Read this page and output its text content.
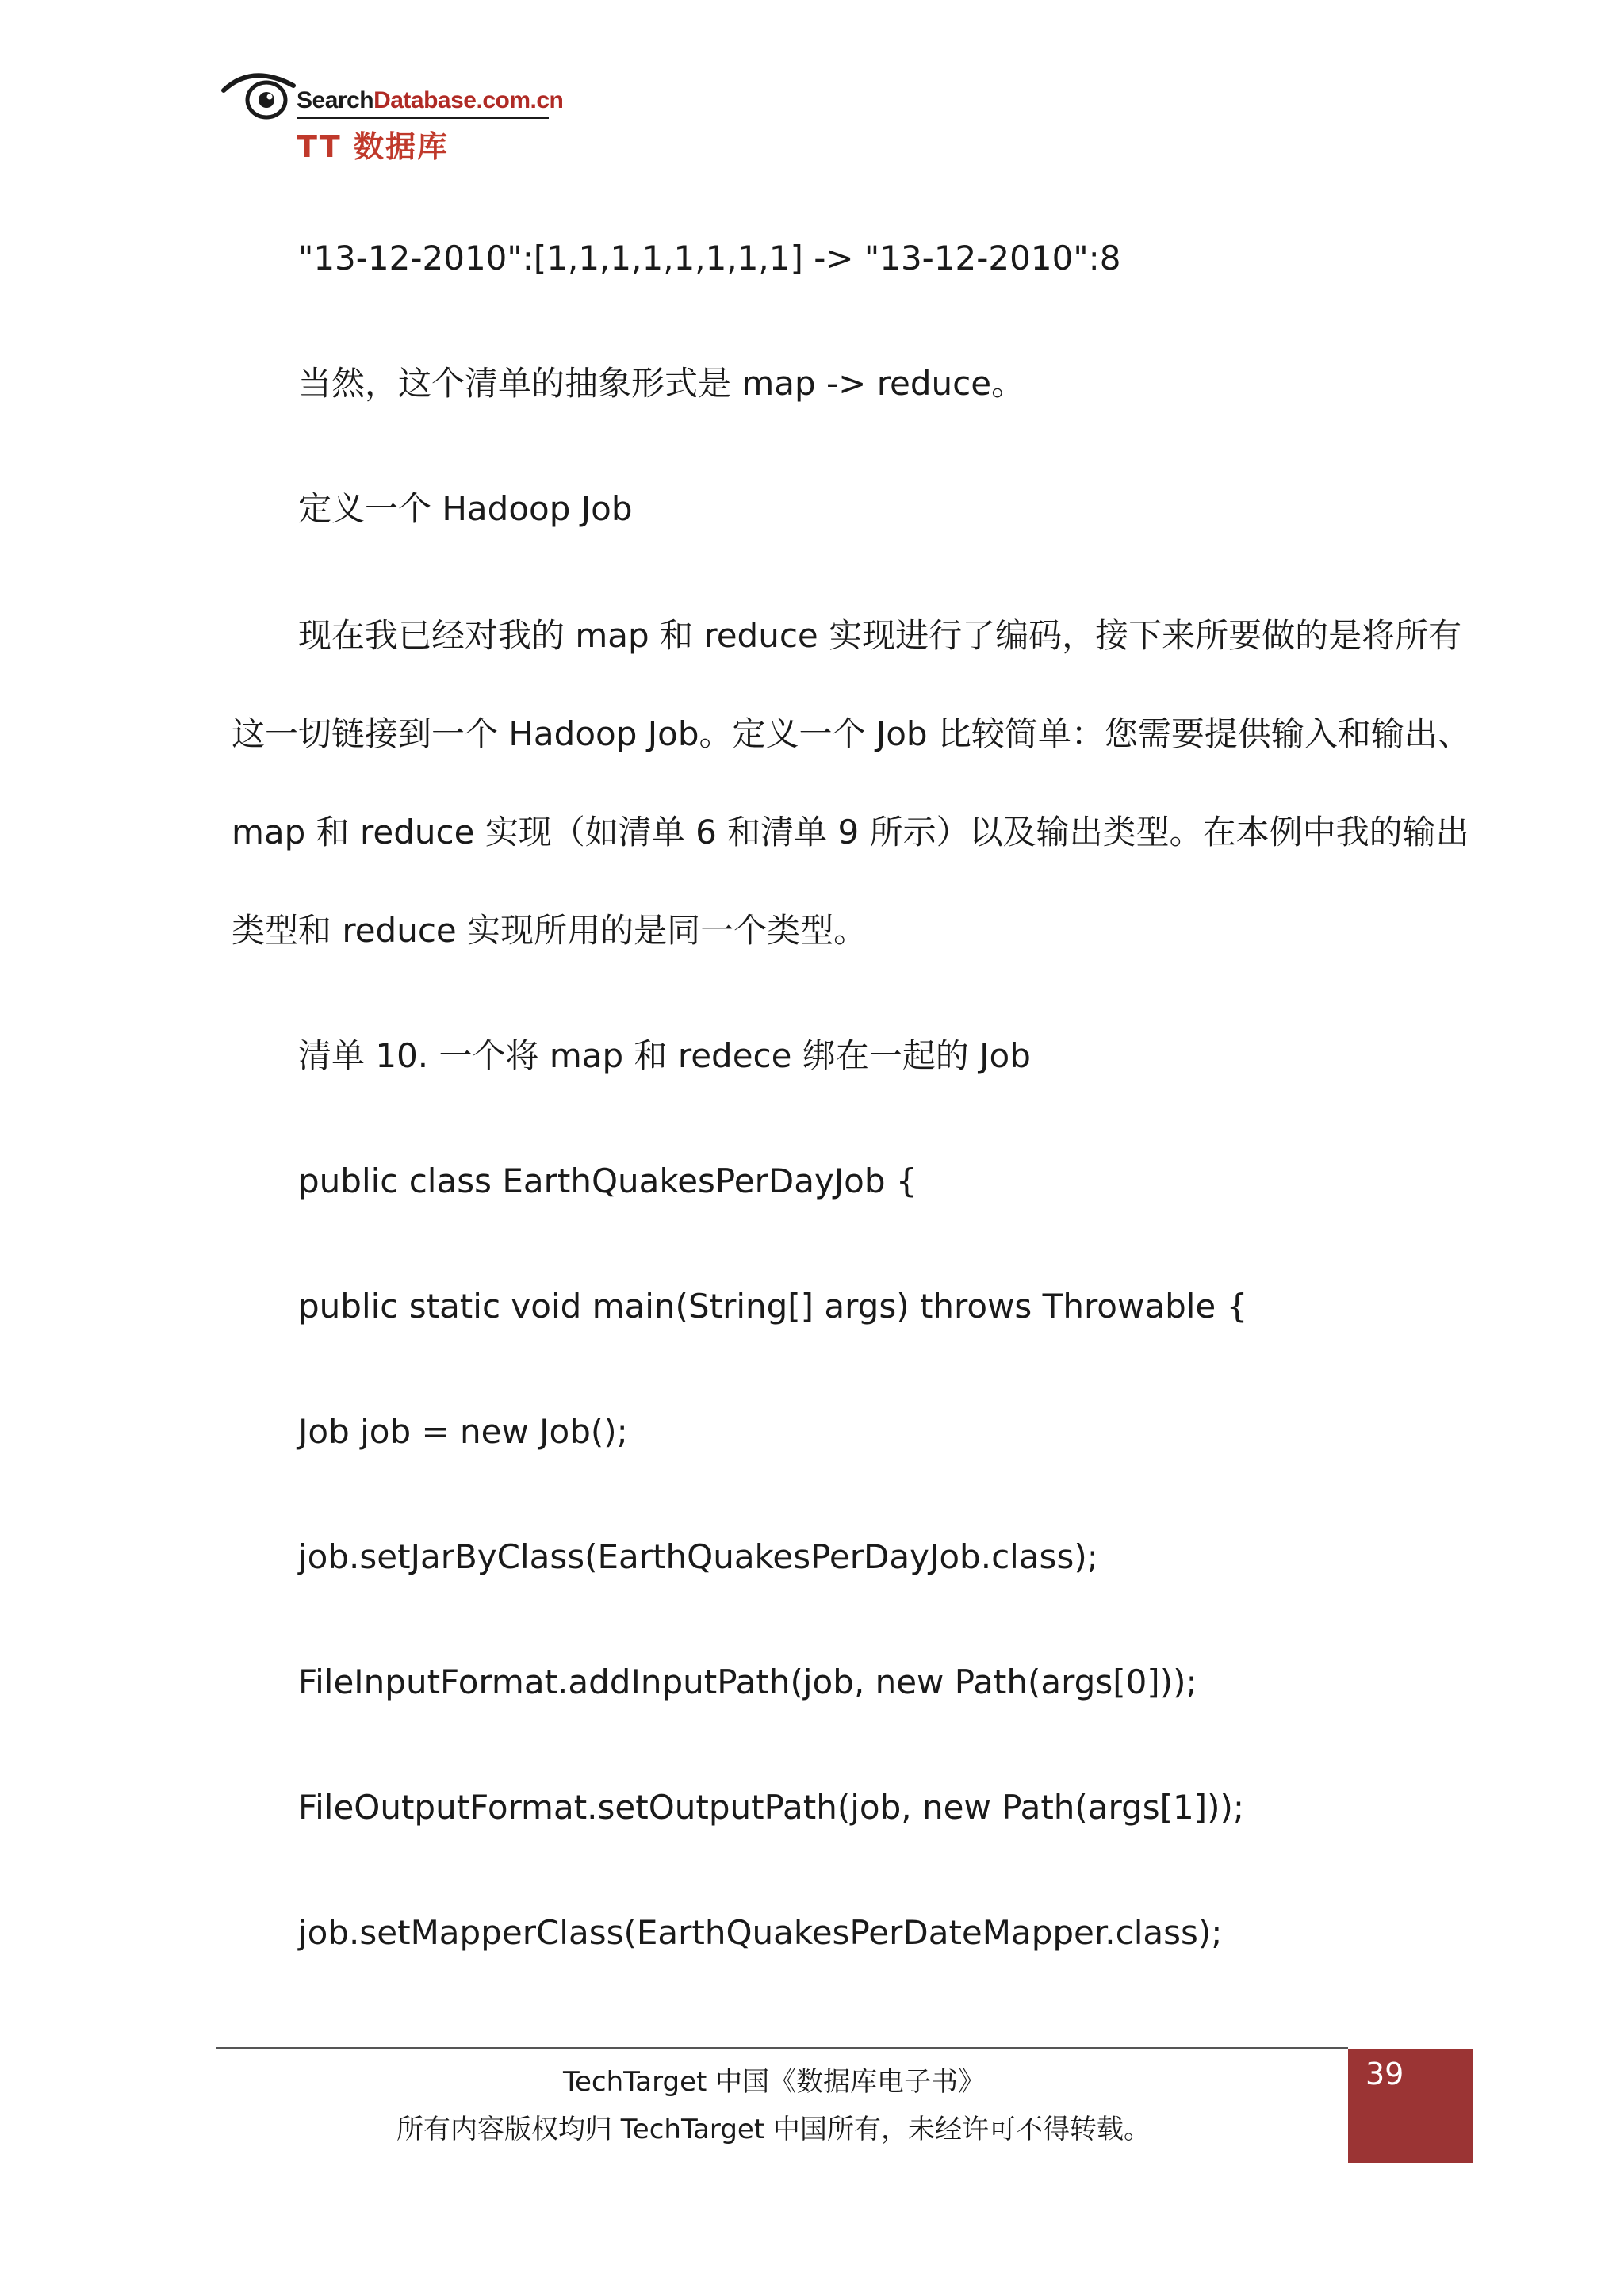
SearchDatabase.com.cn
TT 数据库
"13-12-2010":[1,1,1,1,1,1,1,1] -> "13-12-2010":8
当然，这个清单的抽象形式是 map -> reduce。
定义一个 Hadoop Job
现在我已经对我的 map 和 reduce 实现进行了编码，接下来所要做的是将所有
这一切链接到一个 Hadoop Job。定义一个 Job 比较简单：您需要提供输入和输出、
map 和 reduce 实现（如清单 6 和清单 9 所示）以及输出类型。在本例中我的输出
类型和 reduce 实现所用的是同一个类型。
清单 10. 一个将 map 和 redece 绑在一起的 Job
public class EarthQuakesPerDayJob {
public static void main(String[] args) throws Throwable {
Job job = new Job();
job.setJarByClass(EarthQuakesPerDayJob.class);
FileInputFormat.addInputPath(job, new Path(args[0]));
FileOutputFormat.setOutputPath(job, new Path(args[1]));
job.setMapperClass(EarthQuakesPerDateMapper.class);
TechTarget 中国《数据库电子书》
所有内容版权均归 TechTarget 中国所有，未经许可不得转载。
39
